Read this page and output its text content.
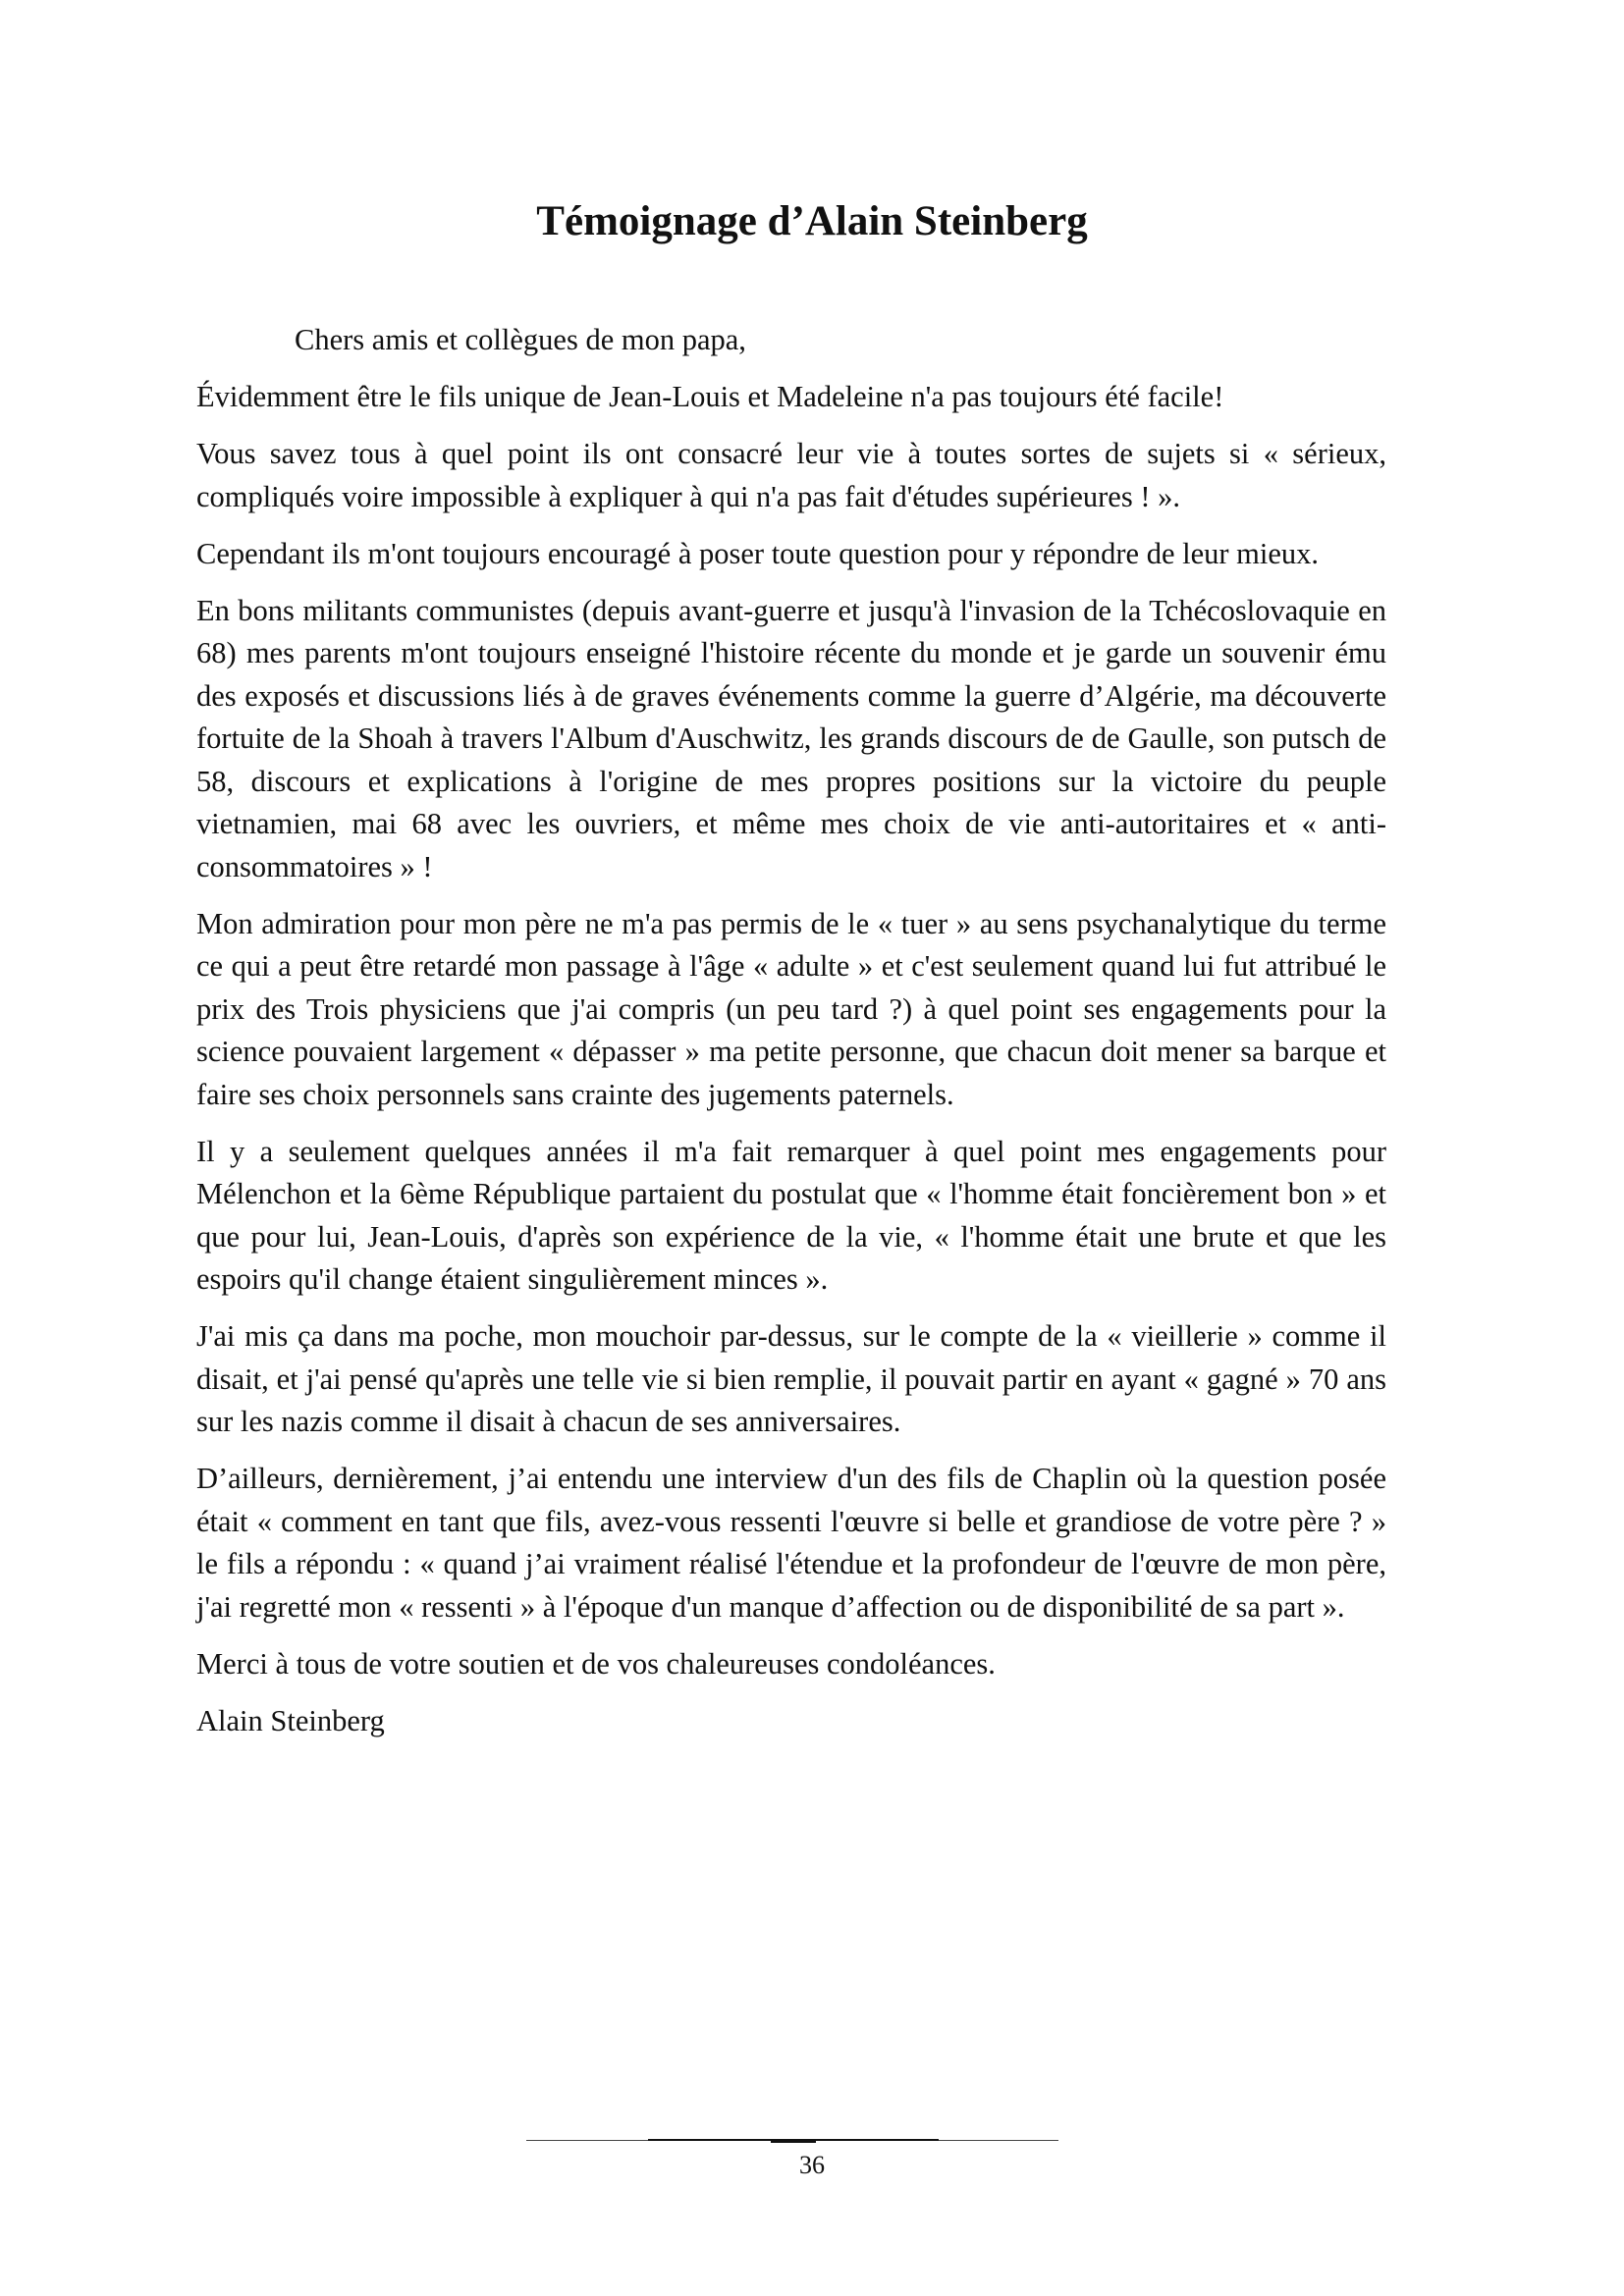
Témoignage d’Alain Steinberg

Chers amis et collègues de mon papa,

Évidemment être le fils unique de Jean-Louis et Madeleine n'a pas toujours été facile!

Vous savez tous à quel point ils ont consacré leur vie à toutes sortes de sujets si « sérieux, compliqués voire impossible à expliquer à qui n'a pas fait d'études supérieures ! ».

Cependant ils m'ont toujours encouragé à poser toute question pour y répondre de leur mieux.

En bons militants communistes (depuis avant-guerre et jusqu'à l'invasion de la Tchécoslovaquie en 68) mes parents m'ont toujours enseigné l'histoire récente du monde et je garde un souvenir ému des exposés et discussions liés à de graves événements comme la guerre d’Algérie, ma découverte fortuite de la Shoah à travers l'Album d'Auschwitz, les grands discours de de Gaulle, son putsch de 58, discours et explications à l'origine de mes propres positions sur la victoire du peuple vietnamien, mai 68 avec les ouvriers, et même mes choix de vie anti-autoritaires et « anti-consommatoires » !

Mon admiration pour mon père ne m'a pas permis de le « tuer » au sens psychanalytique du terme ce qui a peut être retardé mon passage à l'âge « adulte » et c'est seulement quand lui fut attribué le prix des Trois physiciens que j'ai compris (un peu tard ?) à quel point ses engagements pour la science pouvaient largement « dépasser » ma petite personne, que chacun doit mener sa barque et faire ses choix personnels sans crainte des jugements paternels.

Il y a seulement quelques années il m'a fait remarquer à quel point mes engagements pour Mélenchon et la 6ème République partaient du postulat que « l'homme était foncièrement bon » et que pour lui, Jean-Louis, d'après son expérience de la vie, « l'homme était une brute et que les espoirs qu'il change étaient singulièrement minces ».

J'ai mis ça dans ma poche, mon mouchoir par-dessus, sur le compte de la « vieillerie » comme il disait, et j'ai pensé qu'après une telle vie si bien remplie, il pouvait partir en ayant « gagné » 70 ans sur les nazis comme il disait à chacun de ses anniversaires.

D’ailleurs, dernièrement, j’ai entendu une interview d'un des fils de Chaplin où la question posée était « comment en tant que fils, avez-vous ressenti l'œuvre si belle et grandiose de votre père ? » le fils a répondu : « quand j’ai vraiment réalisé l'étendue et la profondeur de l'œuvre de mon père, j'ai regretté mon « ressenti » à l'époque d'un manque d’affection ou de disponibilité de sa part ».

Merci à tous de votre soutien et de vos chaleureuses condoléances.

Alain Steinberg

36
